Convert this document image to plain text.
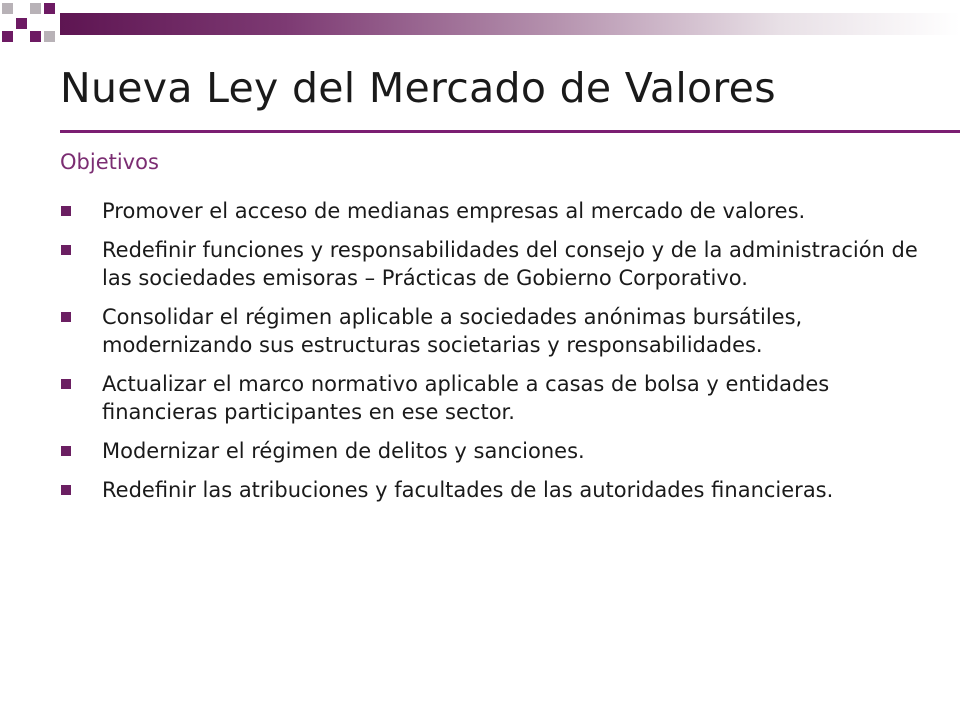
Nueva Ley del Mercado de Valores
Objetivos
Promover el acceso de medianas empresas al mercado de valores.
Redefinir funciones y responsabilidades del consejo y de la administración de las sociedades emisoras – Prácticas de Gobierno Corporativo.
Consolidar el régimen aplicable a sociedades anónimas bursátiles, modernizando sus estructuras societarias y responsabilidades.
Actualizar el marco normativo aplicable a casas de bolsa y entidades financieras participantes en ese sector.
Modernizar el régimen de delitos y sanciones.
Redefinir las atribuciones y facultades de las autoridades financieras.
